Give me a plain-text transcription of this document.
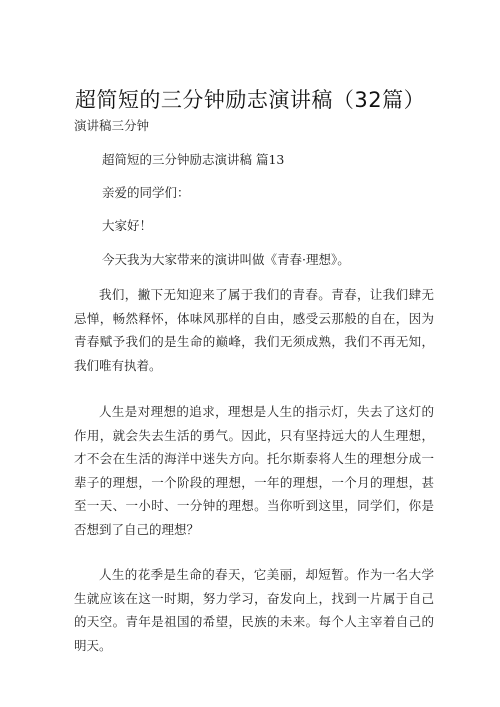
超简短的三分钟励志演讲稿（32篇）
演讲稿三分钟
超简短的三分钟励志演讲稿 篇13
亲爱的同学们：
大家好！
今天我为大家带来的演讲叫做《青春·理想》。
我们，撇下无知迎来了属于我们的青春。青春，让我们肆无忌惮，畅然释怀，体味风那样的自由，感受云那般的自在，因为青春赋予我们的是生命的巅峰，我们无须成熟，我们不再无知，我们唯有执着。
人生是对理想的追求，理想是人生的指示灯，失去了这灯的作用，就会失去生活的勇气。因此，只有坚持远大的人生理想，才不会在生活的海洋中迷失方向。托尔斯泰将人生的理想分成一辈子的理想，一个阶段的理想，一年的理想，一个月的理想，甚至一天、一小时、一分钟的理想。当你听到这里，同学们，你是否想到了自己的理想？
人生的花季是生命的春天，它美丽，却短暂。作为一名大学生就应该在这一时期，努力学习，奋发向上，找到一片属于自己的天空。青年是祖国的希望，民族的未来。每个人主宰着自己的明天。
